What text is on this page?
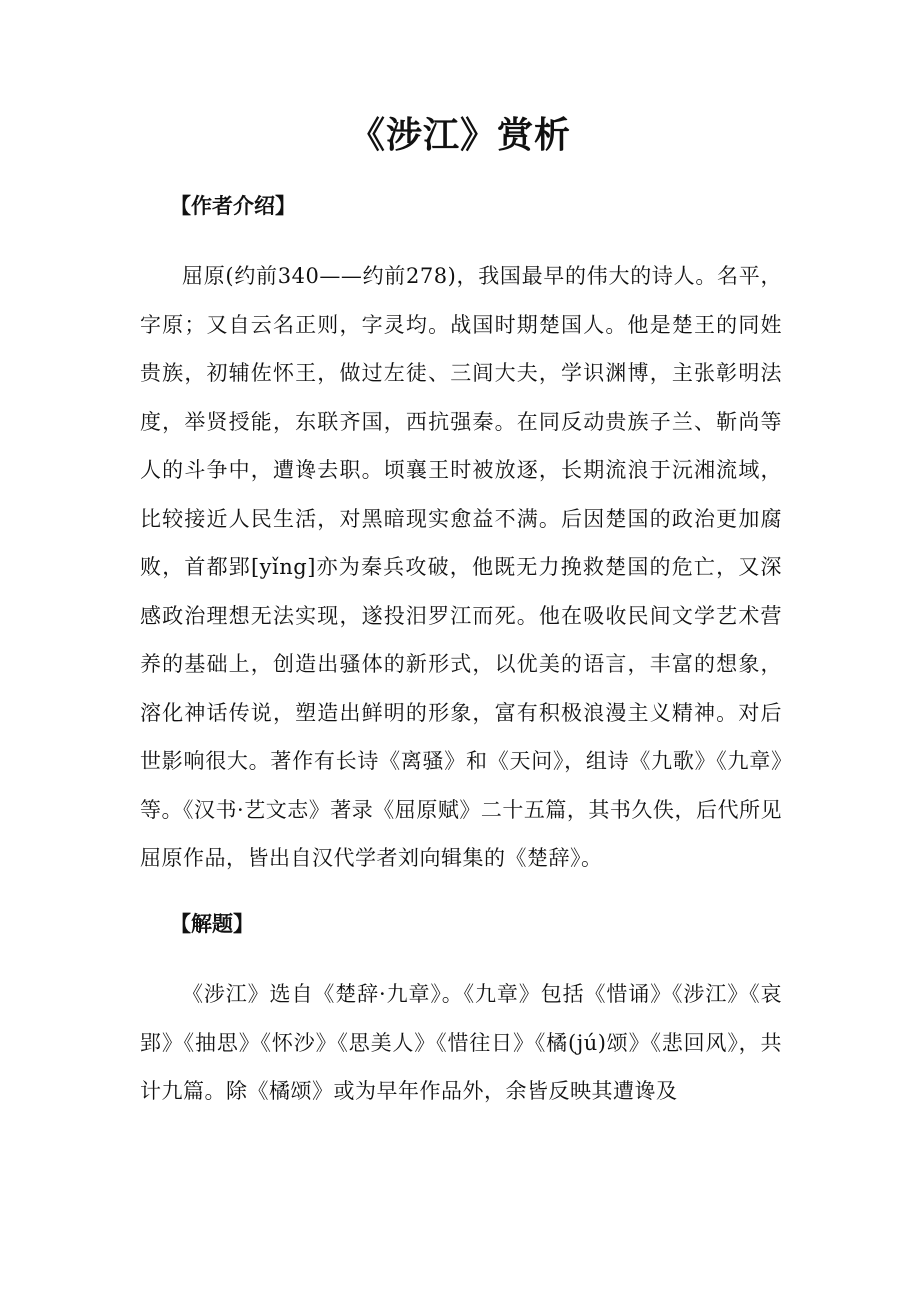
《涉江》赏析
【作者介绍】

屈原(约前340——约前278)，我国最早的伟大的诗人。名平，字原；又自云名正则，字灵均。战国时期楚国人。他是楚王的同姓贵族，初辅佐怀王，做过左徒、三闾大夫，学识渊博，主张彰明法度，举贤授能，东联齐国，西抗强秦。在同反动贵族子兰、靳尚等人的斗争中，遭谗去职。顷襄王时被放逐，长期流浪于沅湘流域，比较接近人民生活，对黑暗现实愈益不满。后因楚国的政治更加腐败，首都郢[yǐng]亦为秦兵攻破，他既无力挽救楚国的危亡，又深感政治理想无法实现，遂投汨罗江而死。他在吸收民间文学艺术营养的基础上，创造出骚体的新形式，以优美的语言，丰富的想象，溶化神话传说，塑造出鲜明的形象，富有积极浪漫主义精神。对后世影响很大。著作有长诗《离骚》和《天问》，组诗《九歌》《九章》等。《汉书·艺文志》著录《屈原赋》二十五篇，其书久佚，后代所见屈原作品，皆出自汉代学者刘向辑集的《楚辞》。

【解题】

《涉江》选自《楚辞·九章》。《九章》包括《惜诵》《涉江》《哀郢》《抽思》《怀沙》《思美人》《惜往日》《橘(jú)颂》《悲回风》，共计九篇。除《橘颂》或为早年作品外，余皆反映其遭谗及
